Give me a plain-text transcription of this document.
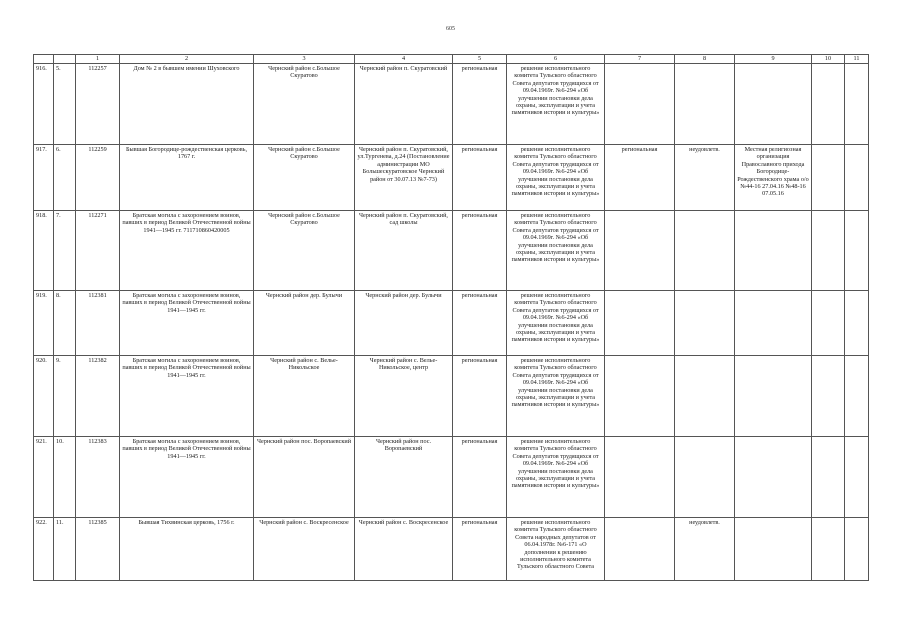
605
		1	2	3	4	5	6	7	8	9	10	11
916.	5.	112257	Дом № 2 в бывшем имении Шуховского	Чернский район с.Большое Скуратово	Чернский район п. Скуратовский	региональная	решение исполнительного комитета Тульского областного Совета депутатов трудящихся от 09.04.1969г. №6-294 «Об улучшении постановки дела охраны, эксплуатации и учета памятников истории и культуры»					
917.	6.	112259	Бывшая Богородице-рождественская церковь, 1767 г.	Чернский район с.Большое Скуратово	Чернский район п. Скуратовский, ул.Тургенева, д.24 (Постановление администрации МО Большескуратовское Чернский район от 30.07.13 №7-73)	региональная	решение исполнительного комитета Тульского областного Совета депутатов трудящихся от 09.04.1969г. №6-294 «Об улучшении постановки дела охраны, эксплуатации и учета памятников истории и культуры»	региональная	неудовлетв.	Местная религиозная организация Православного прихода Богородице-Рождественского храма о/о №44-16 27.04.16 №48-16 07.05.16		
918.	7.	112271	Братская могила с захоронением воинов, павших в период Великой Отечественной войны 1941—1945 гг. 711710860420005	Чернский район с.Большое Скуратово	Чернский район п. Скуратовский, сад школы	региональная	решение исполнительного комитета Тульского областного Совета депутатов трудящихся от 09.04.1969г. №6-294 «Об улучшении постановки дела охраны, эксплуатации и учета памятников истории и культуры»					
919.	8.	112381	Братская могила с захоронением воинов, павших в период Великой Отечественной войны 1941—1945 гг.	Чернский район дер. Булычи	Чернский район дер. Булычи	региональная	решение исполнительного комитета Тульского областного Совета депутатов трудящихся от 09.04.1969г. №6-294 «Об улучшении постановки дела охраны, эксплуатации и учета памятников истории и культуры»					
920.	9.	112382	Братская могила с захоронением воинов, павших в период Великой Отечественной войны 1941—1945 гг.	Чернский район с. Велье-Никольское	Чернский район с. Велье-Никольское, центр	региональная	решение исполнительного комитета Тульского областного Совета депутатов трудящихся от 09.04.1969г. №6-294 «Об улучшении постановки дела охраны, эксплуатации и учета памятников истории и культуры»					
921.	10.	112383	Братская могила с захоронением воинов, павших в период Великой Отечественной войны 1941—1945 гг.	Чернский район пос. Воропаевский	Чернский район пос. Воропаевский	региональная	решение исполнительного комитета Тульского областного Совета депутатов трудящихся от 09.04.1969г. №6-294 «Об улучшении постановки дела охраны, эксплуатации и учета памятников истории и культуры»					
922.	11.	112385	Бывшая Тихвинская церковь, 1756 г.	Чернский район с. Воскресенское	Чернский район с. Воскресенское	региональная	решение исполнительного комитета Тульского областного Совета народных депутатов от 06.04.1978г. №6-171 «О дополнении к решению исполнительного комитета Тульского областного Совета		неудовлетв.			
